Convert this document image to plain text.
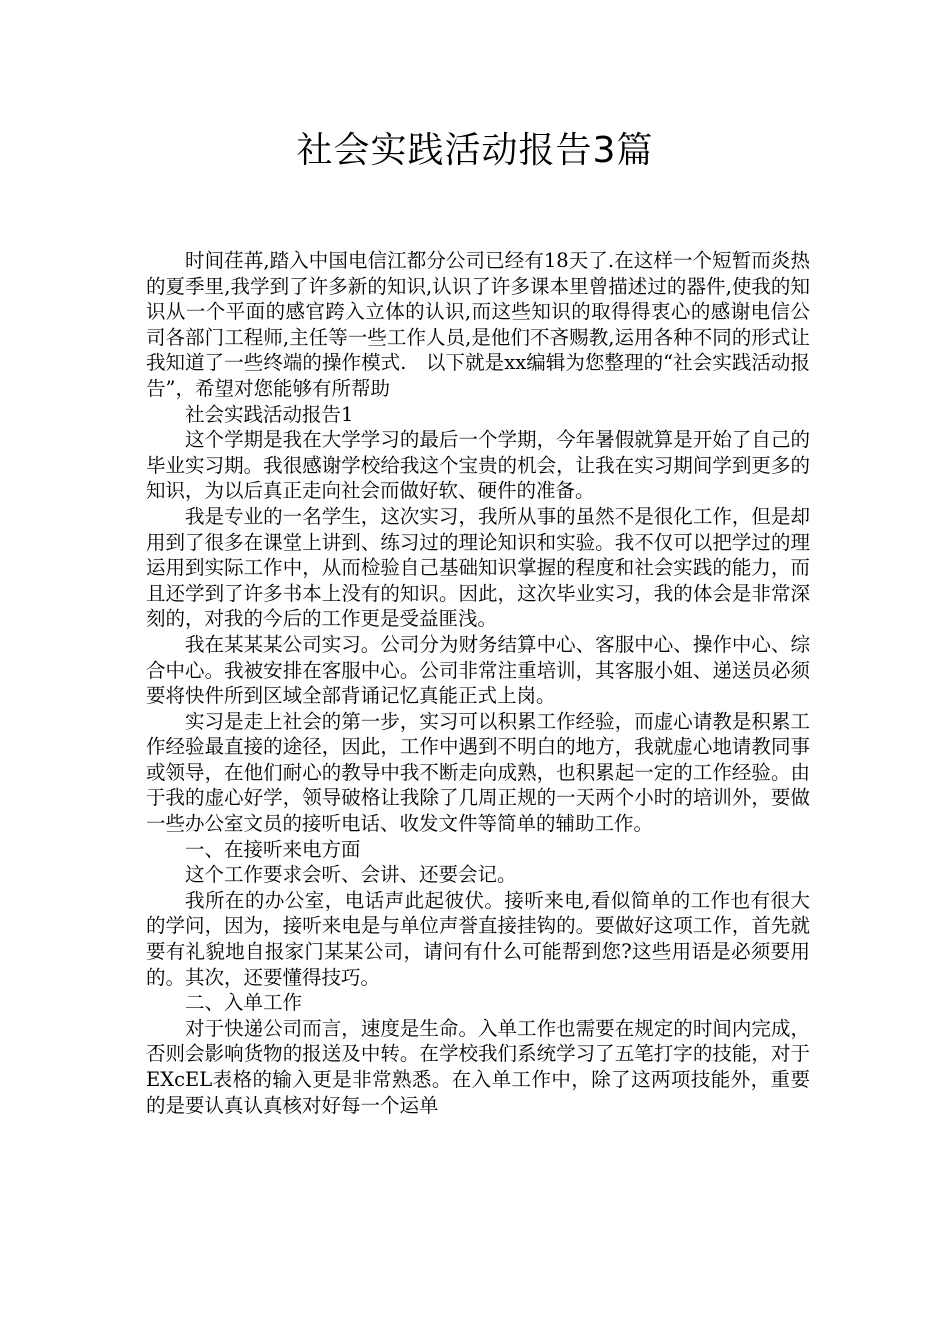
社会实践活动报告3篇

时间荏苒,踏入中国电信江都分公司已经有18天了.在这样一个短暂而炎热的夏季里,我学到了许多新的知识,认识了许多课本里曾描述过的器件,使我的知识从一个平面的感官跨入立体的认识,而这些知识的取得得衷心的感谢电信公司各部门工程师,主任等一些工作人员,是他们不吝赐教,运用各种不同的形式让我知道了一些终端的操作模式.　以下就是xx编辑为您整理的“社会实践活动报告”，希望对您能够有所帮助

社会实践活动报告1

这个学期是我在大学学习的最后一个学期，今年暑假就算是开始了自己的毕业实习期。我很感谢学校给我这个宝贵的机会，让我在实习期间学到更多的知识，为以后真正走向社会而做好软、硬件的准备。

我是专业的一名学生，这次实习，我所从事的虽然不是很化工作，但是却用到了很多在课堂上讲到、练习过的理论知识和实验。我不仅可以把学过的理运用到实际工作中，从而检验自己基础知识掌握的程度和社会实践的能力，而且还学到了许多书本上没有的知识。因此，这次毕业实习，我的体会是非常深刻的，对我的今后的工作更是受益匪浅。

我在某某某公司实习。公司分为财务结算中心、客服中心、操作中心、综合中心。我被安排在客服中心。公司非常注重培训，其客服小姐、递送员必须要将快件所到区域全部背诵记忆真能正式上岗。

实习是走上社会的第一步，实习可以积累工作经验，而虚心请教是积累工作经验最直接的途径，因此，工作中遇到不明白的地方，我就虚心地请教同事或领导，在他们耐心的教导中我不断走向成熟，也积累起一定的工作经验。由于我的虚心好学，领导破格让我除了几周正规的一天两个小时的培训外，要做一些办公室文员的接听电话、收发文件等简单的辅助工作。

一、在接听来电方面

这个工作要求会听、会讲、还要会记。

我所在的办公室，电话声此起彼伏。接听来电,看似简单的工作也有很大的学问，因为，接听来电是与单位声誉直接挂钩的。要做好这项工作，首先就要有礼貌地自报家门某某公司，请问有什么可能帮到您?这些用语是必须要用的。其次，还要懂得技巧。

二、入单工作

对于快递公司而言，速度是生命。入单工作也需要在规定的时间内完成，否则会影响货物的报送及中转。在学校我们系统学习了五笔打字的技能，对于EXcEL表格的输入更是非常熟悉。在入单工作中，除了这两项技能外，重要的是要认真认真核对好每一个运单
